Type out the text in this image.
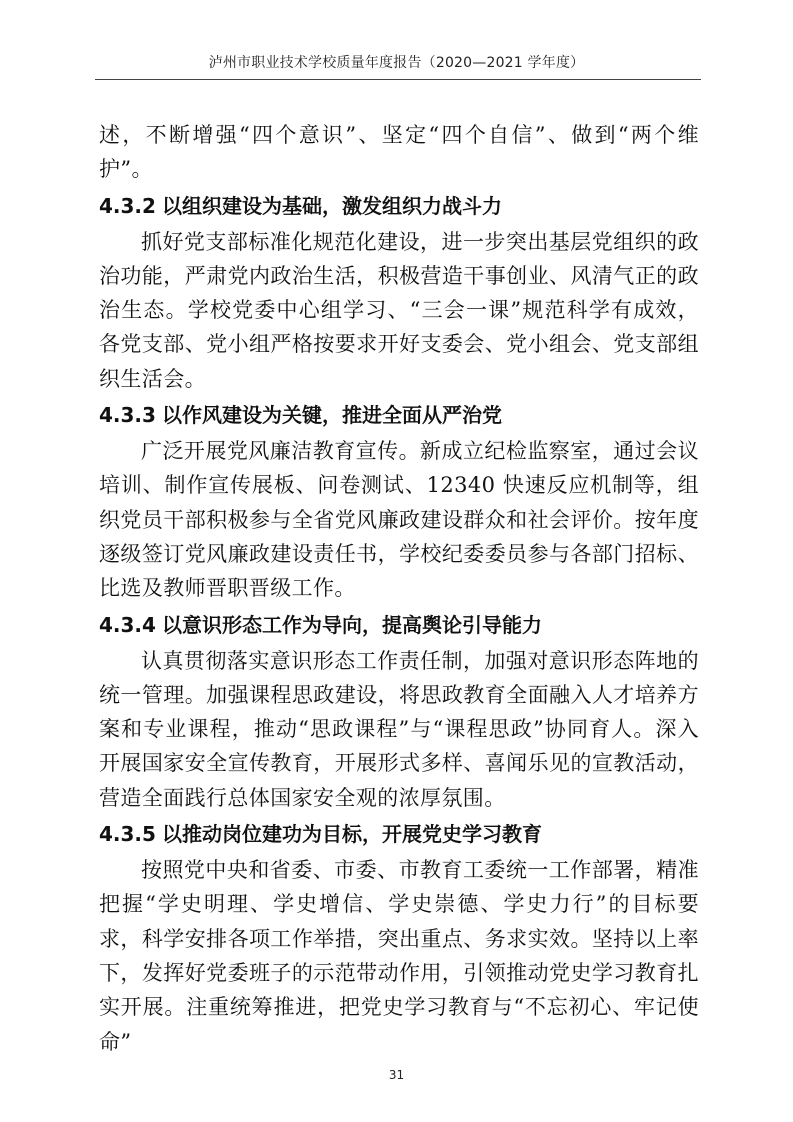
泸州市职业技术学校质量年度报告（2020—2021 学年度）

述，不断增强“四个意识”、坚定“四个自信”、做到“两个维护”。

4.3.2 以组织建设为基础，激发组织力战斗力

抓好党支部标准化规范化建设，进一步突出基层党组织的政治功能，严肃党内政治生活，积极营造干事创业、风清气正的政治生态。学校党委中心组学习、“三会一课”规范科学有成效，各党支部、党小组严格按要求开好支委会、党小组会、党支部组织生活会。

4.3.3 以作风建设为关键，推进全面从严治党

广泛开展党风廉洁教育宣传。新成立纪检监察室，通过会议培训、制作宣传展板、问卷测试、12340 快速反应机制等，组织党员干部积极参与全省党风廉政建设群众和社会评价。按年度逐级签订党风廉政建设责任书，学校纪委委员参与各部门招标、比选及教师晋职晋级工作。

4.3.4 以意识形态工作为导向，提高舆论引导能力

认真贯彻落实意识形态工作责任制，加强对意识形态阵地的统一管理。加强课程思政建设，将思政教育全面融入人才培养方案和专业课程，推动“思政课程”与“课程思政”协同育人。深入开展国家安全宣传教育，开展形式多样、喜闻乐见的宣教活动，营造全面践行总体国家安全观的浓厚氛围。

4.3.5 以推动岗位建功为目标，开展党史学习教育

按照党中央和省委、市委、市教育工委统一工作部署，精准把握“学史明理、学史增信、学史崇德、学史力行”的目标要求，科学安排各项工作举措，突出重点、务求实效。坚持以上率下，发挥好党委班子的示范带动作用，引领推动党史学习教育扎实开展。注重统筹推进，把党史学习教育与“不忘初心、牢记使命”

31
